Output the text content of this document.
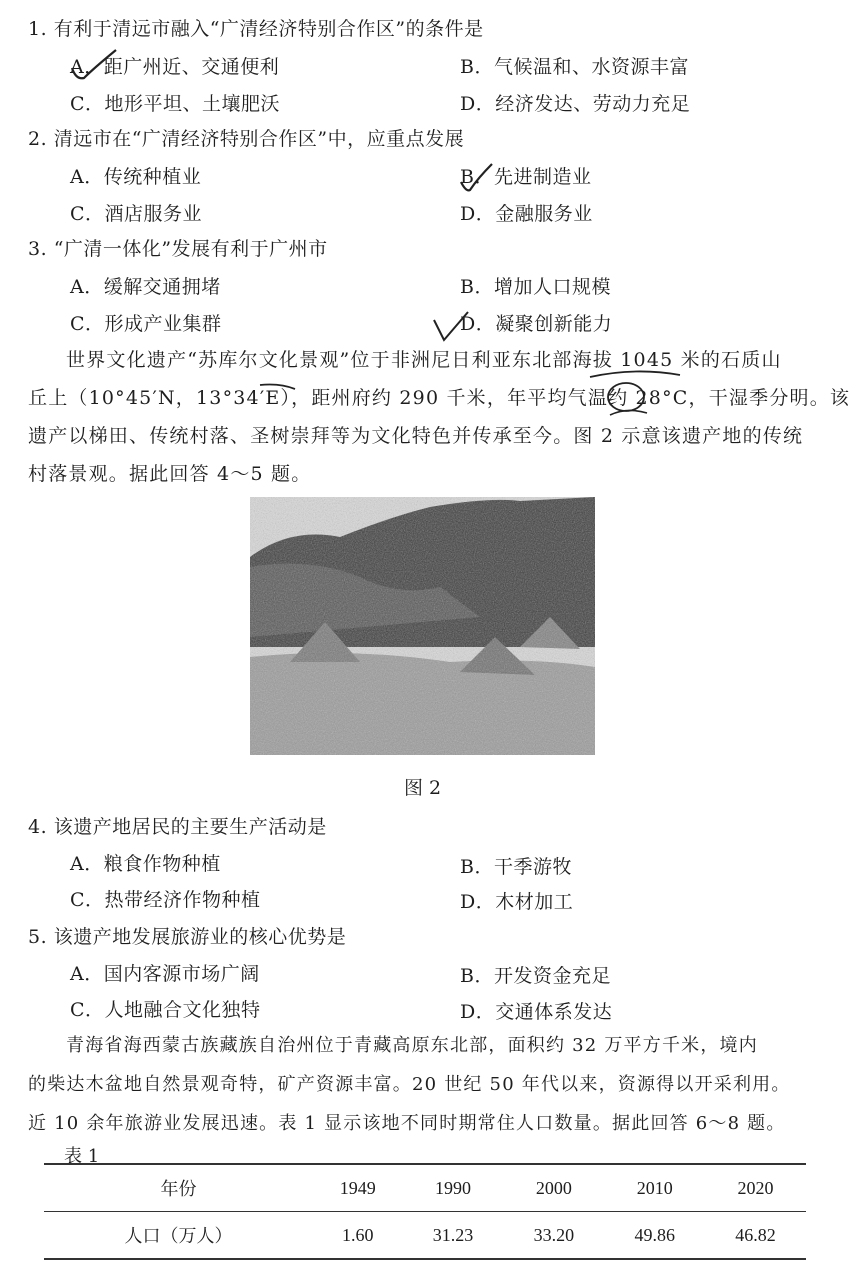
1. 有利于清远市融入“广清经济特别合作区”的条件是
A．距广州近、交通便利	B．气候温和、水资源丰富
C．地形平坦、土壤肥沃	D．经济发达、劳动力充足
2. 清远市在“广清经济特别合作区”中，应重点发展
A．传统种植业	B．先进制造业
C．酒店服务业	D．金融服务业
3. “广清一体化”发展有利于广州市
A．缓解交通拥堵	B．增加人口规模
C．形成产业集群	D．凝聚创新能力
世界文化遗产“苏库尔文化景观”位于非洲尼日利亚东北部海拔 1045 米的石质山
丘上（10°45′N，13°34′E），距州府约 290 千米，年平均气温约 28°C，干湿季分明。该
遗产以梯田、传统村落、圣树崇拜等为文化特色并传承至今。图 2 示意该遗产地的传统
村落景观。据此回答 4～5 题。
图 2
4. 该遗产地居民的主要生产活动是
A．粮食作物种植	B．干季游牧
C．热带经济作物种植	D．木材加工
5. 该遗产地发展旅游业的核心优势是
A．国内客源市场广阔	B．开发资金充足
C．人地融合文化独特	D．交通体系发达
青海省海西蒙古族藏族自治州位于青藏高原东北部，面积约 32 万平方千米，境内
的柴达木盆地自然景观奇特，矿产资源丰富。20 世纪 50 年代以来，资源得以开采利用。
近 10 余年旅游业发展迅速。表 1 显示该地不同时期常住人口数量。据此回答 6～8 题。
表 1
年份	1949	1990	2000	2010	2020
人口（万人）	1.60	31.23	33.20	49.86	46.82
